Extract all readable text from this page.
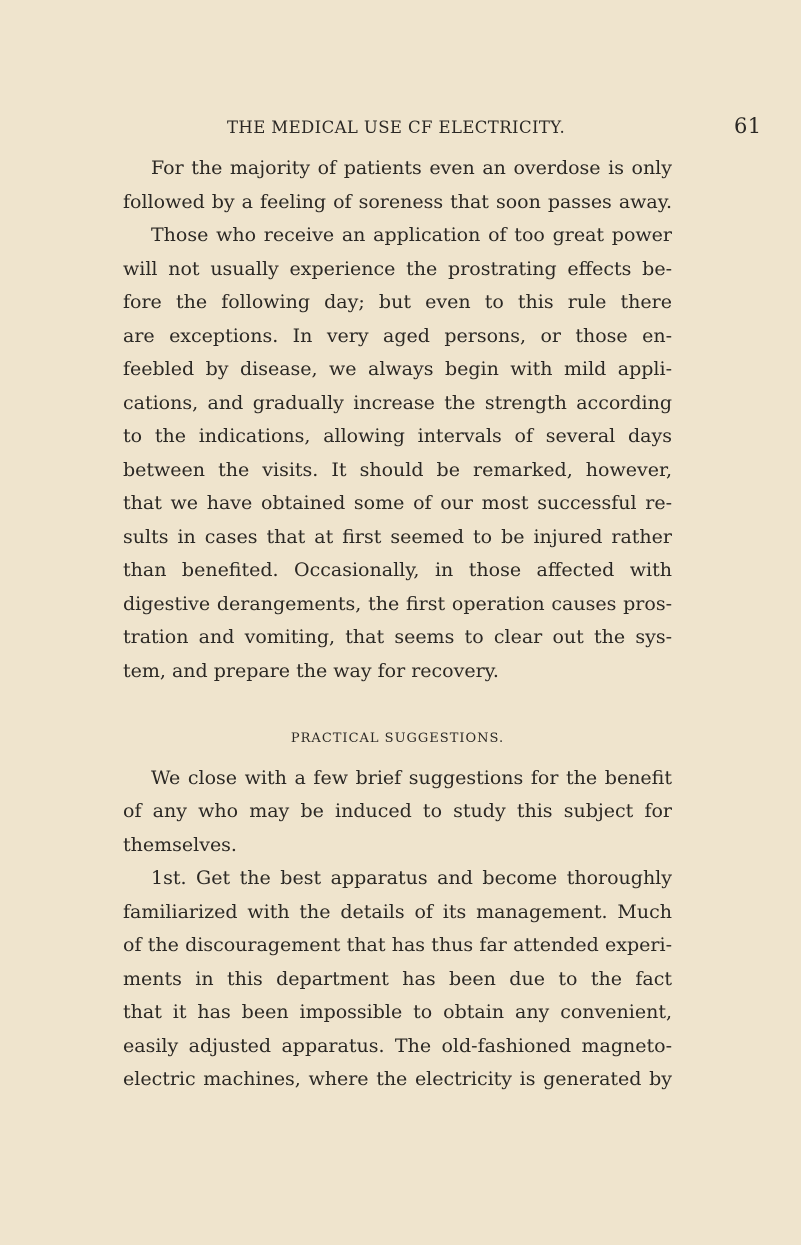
THE MEDICAL USE CF ELECTRICITY.	61
For the majority of patients even an overdose is only
followed by a feeling of soreness that soon passes away.
Those who receive an application of too great power
will not usually experience the prostrating effects be-
fore the following day; but even to this rule there
are exceptions. In very aged persons, or those en-
feebled by disease, we always begin with mild appli-
cations, and gradually increase the strength according
to the indications, allowing intervals of several days
between the visits. It should be remarked, however,
that we have obtained some of our most successful re-
sults in cases that at first seemed to be injured rather
than benefited. Occasionally, in those affected with
digestive derangements, the first operation causes pros-
tration and vomiting, that seems to clear out the sys-
tem, and prepare the way for recovery.
PRACTICAL SUGGESTIONS.
We close with a few brief suggestions for the benefit
of any who may be induced to study this subject for
themselves.
1st. Get the best apparatus and become thoroughly
familiarized with the details of its management. Much
of the discouragement that has thus far attended experi-
ments in this department has been due to the fact
that it has been impossible to obtain any convenient,
easily adjusted apparatus. The old-fashioned magneto-
electric machines, where the electricity is generated by
